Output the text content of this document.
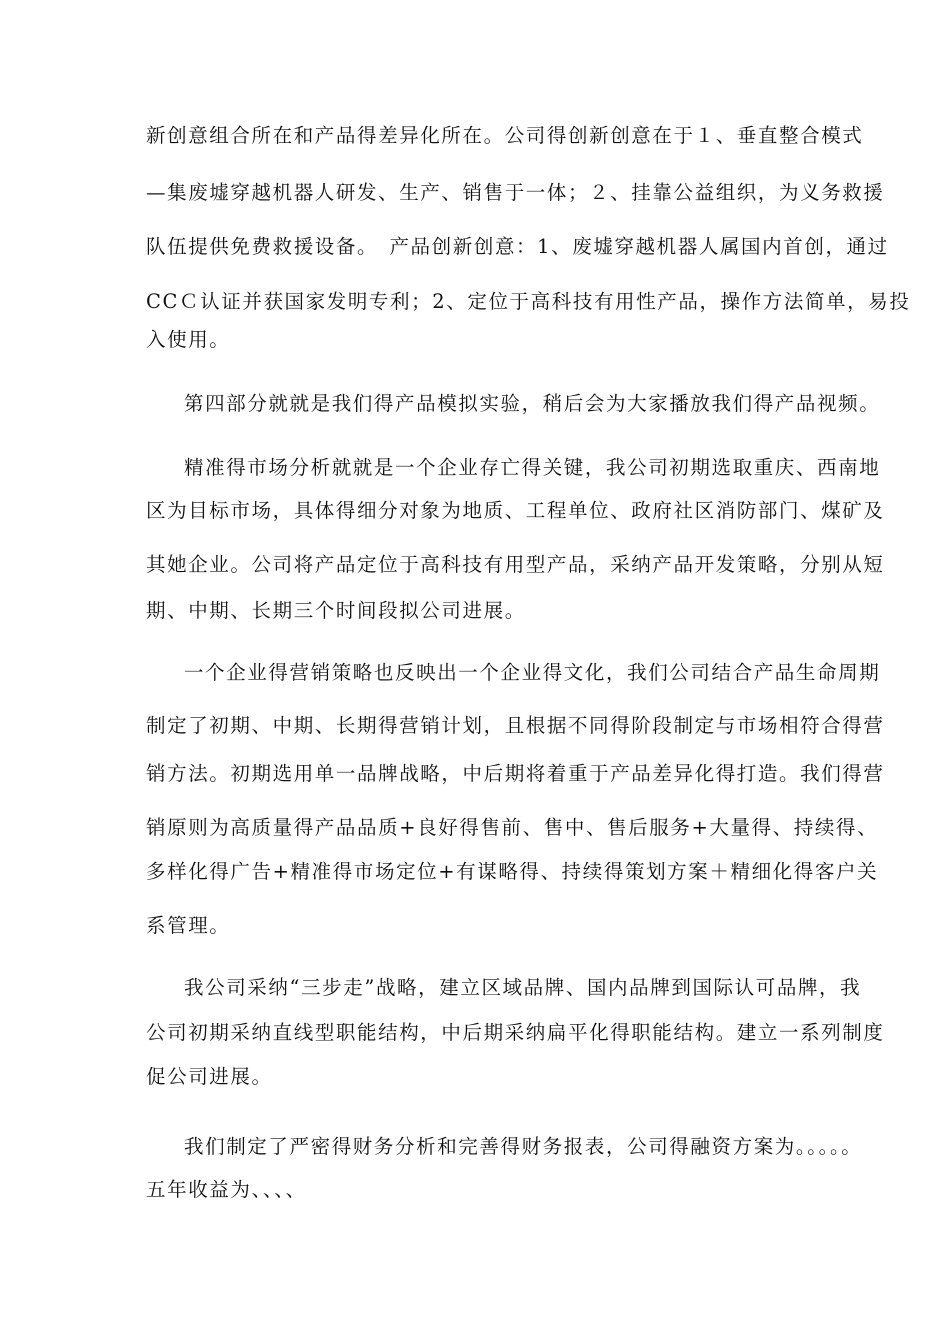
新创意组合所在和产品得差异化所在。公司得创新创意在于１、垂直整合模式
—集废墟穿越机器人研发、生产、销售于一体；２、挂靠公益组织，为义务救援
队伍提供免费救援设备。　产品创新创意：1、废墟穿越机器人属国内首创，通过
CCＣ认证并获国家发明专利；2、定位于高科技有用性产品，操作方法简单，易投
入使用。
第四部分就就是我们得产品模拟实验，稍后会为大家播放我们得产品视频。
精准得市场分析就就是一个企业存亡得关键，我公司初期选取重庆、西南地
区为目标市场，具体得细分对象为地质、工程单位、政府社区消防部门、煤矿及
其她企业。公司将产品定位于高科技有用型产品，采纳产品开发策略，分别从短
期、中期、长期三个时间段拟公司进展。
一个企业得营销策略也反映出一个企业得文化，我们公司结合产品生命周期
制定了初期、中期、长期得营销计划，且根据不同得阶段制定与市场相符合得营
销方法。初期选用单一品牌战略，中后期将着重于产品差异化得打造。我们得营
销原则为高质量得产品品质+良好得售前、售中、售后服务+大量得、持续得、
多样化得广告+精准得市场定位+有谋略得、持续得策划方案＋精细化得客户关
系管理。
我公司采纳“三步走”战略，建立区域品牌、国内品牌到国际认可品牌，我
公司初期采纳直线型职能结构，中后期采纳扁平化得职能结构。建立一系列制度
促公司进展。
我们制定了严密得财务分析和完善得财务报表，公司得融资方案为。。。。。
五年收益为、、、、
